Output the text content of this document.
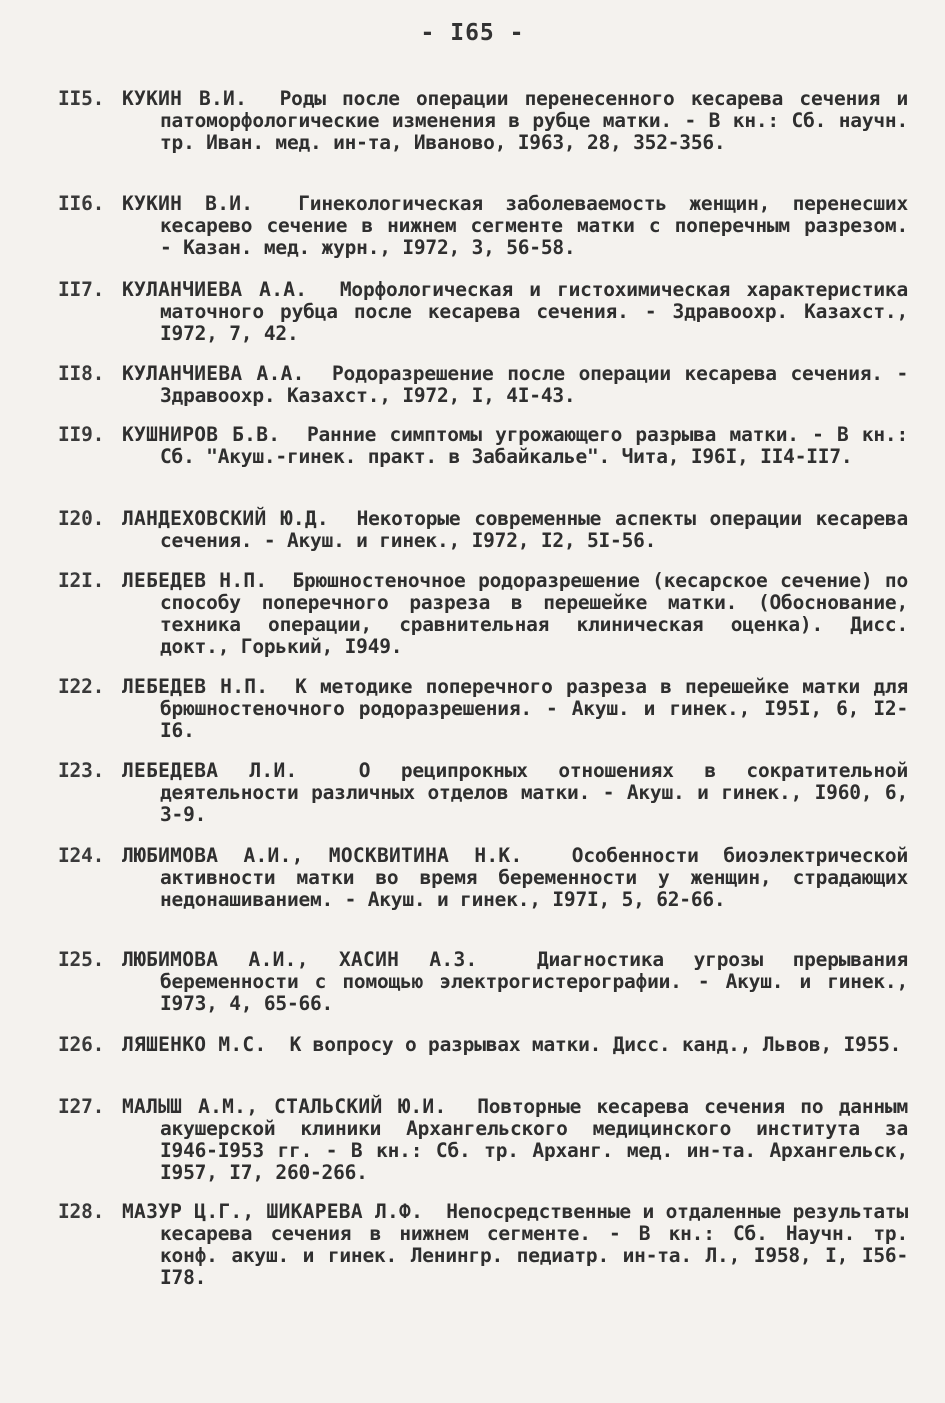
- I65 -
II5. КУКИН В.И. Роды после операции перенесенного кесарева сечения и патоморфологические изменения в рубце матки. - В кн.: Сб. научн. тр. Иван. мед. ин-та, Иваново, I963, 28, 352-356.
II6. КУКИН В.И. Гинекологическая заболеваемость женщин, перенесших кесарево сечение в нижнем сегменте матки с поперечным разрезом. - Казан. мед. журн., I972, 3, 56-58.
II7. КУЛАНЧИЕВА А.А. Морфологическая и гистохимическая характеристика маточного рубца после кесарева сечения. - Здравоохр. Казахст., I972, 7, 42.
II8. КУЛАНЧИЕВА А.А. Родоразрешение после операции кесарева сечения. - Здравоохр. Казахст., I972, I, 4I-43.
II9. КУШНИРОВ Б.В. Ранние симптомы угрожающего разрыва матки. - В кн.: Сб. "Акуш.-гинек. практ. в Забайкалье". Чита, I96I, II4-II7.
I20. ЛАНДЕХОВСКИЙ Ю.Д. Некоторые современные аспекты операции кесарева сечения. - Акуш. и гинек., I972, I2, 5I-56.
I2I. ЛЕБЕДЕВ Н.П. Брюшностеночное родоразрешение (кесарское сечение) по способу поперечного разреза в перешейке матки. (Обоснование, техника операции, сравнительная клиническая оценка). Дисс. докт., Горький, I949.
I22. ЛЕБЕДЕВ Н.П. К методике поперечного разреза в перешейке матки для брюшностеночного родоразрешения. - Акуш. и гинек., I95I, 6, I2-I6.
I23. ЛЕБЕДЕВА Л.И.	О реципрокных отношениях в сократительной деятельности различных отделов матки. - Акуш. и гинек., I960, 6, 3-9.
I24. ЛЮБИМОВА А.И., МОСКВИТИНА Н.К.	Особенности биоэлектрической активности матки во время беременности у женщин, страдающих недонашиванием. - Акуш. и гинек., I97I, 5, 62-66.
I25. ЛЮБИМОВА А.И., ХАСИН А.З.	Диагностика угрозы прерывания беременности с помощью электрогистерографии. - Акуш. и гинек., I973, 4, 65-66.
I26. ЛЯШЕНКО М.С. К вопросу о разрывах матки. Дисс. канд., Львов, I955.
I27. МАЛЫШ А.М., СТАЛЬСКИЙ Ю.И. Повторные кесарева сечения по данным акушерской клиники Архангельского медицинского института за I946-I953 гг. - В кн.: Сб. тр. Арханг. мед. ин-та. Архангельск, I957, I7, 260-266.
I28. МАЗУР Ц.Г., ШИКАРЕВА Л.Ф. Непосредственные и отдаленные результаты кесарева сечения в нижнем сегменте. - В кн.: Сб. Научн. тр. конф. акуш. и гинек. Ленингр. педиатр. ин-та. Л., I958, I, I56-I78.
